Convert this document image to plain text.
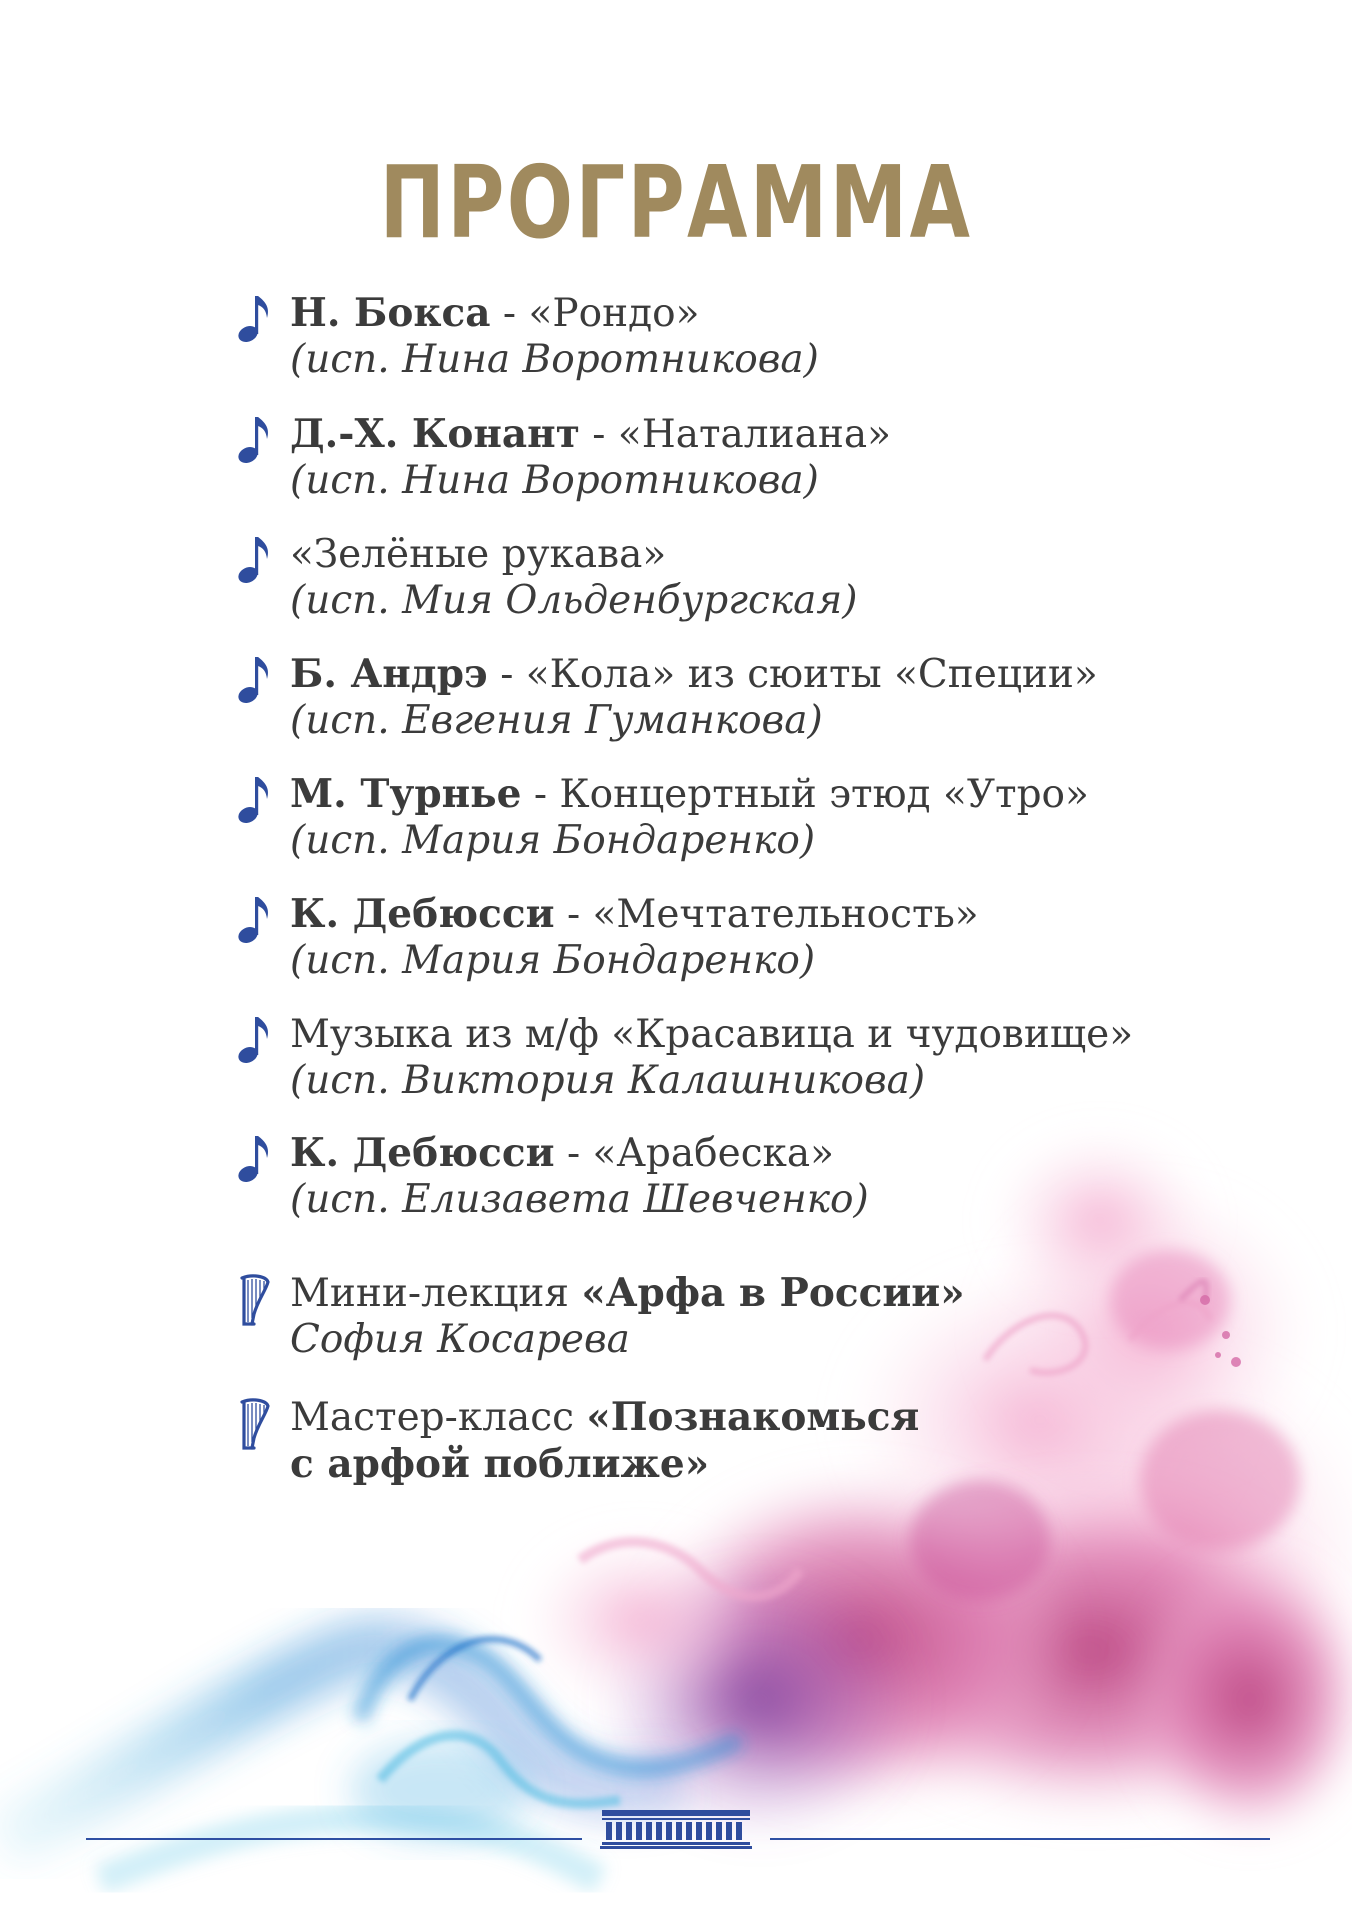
ПРОГРАММА
Н. Бокса - «Рондо»
(исп. Нина Воротникова)
Д.-Х. Конант - «Наталиана»
(исп. Нина Воротникова)
«Зелёные рукава»
(исп. Мия Ольденбургская)
Б. Андрэ - «Кола» из сюиты «Специи»
(исп. Евгения Гуманкова)
М. Турнье - Концертный этюд «Утро»
(исп. Мария Бондаренко)
К. Дебюсси - «Мечтательность»
(исп. Мария Бондаренко)
Музыка из м/ф «Красавица и чудовище»
(исп. Виктория Калашникова)
К. Дебюсси - «Арабеска»
(исп. Елизавета Шевченко)
Мини-лекция «Арфа в России»
София Косарева
Мастер-класс «Познакомься
с арфой поближе»
